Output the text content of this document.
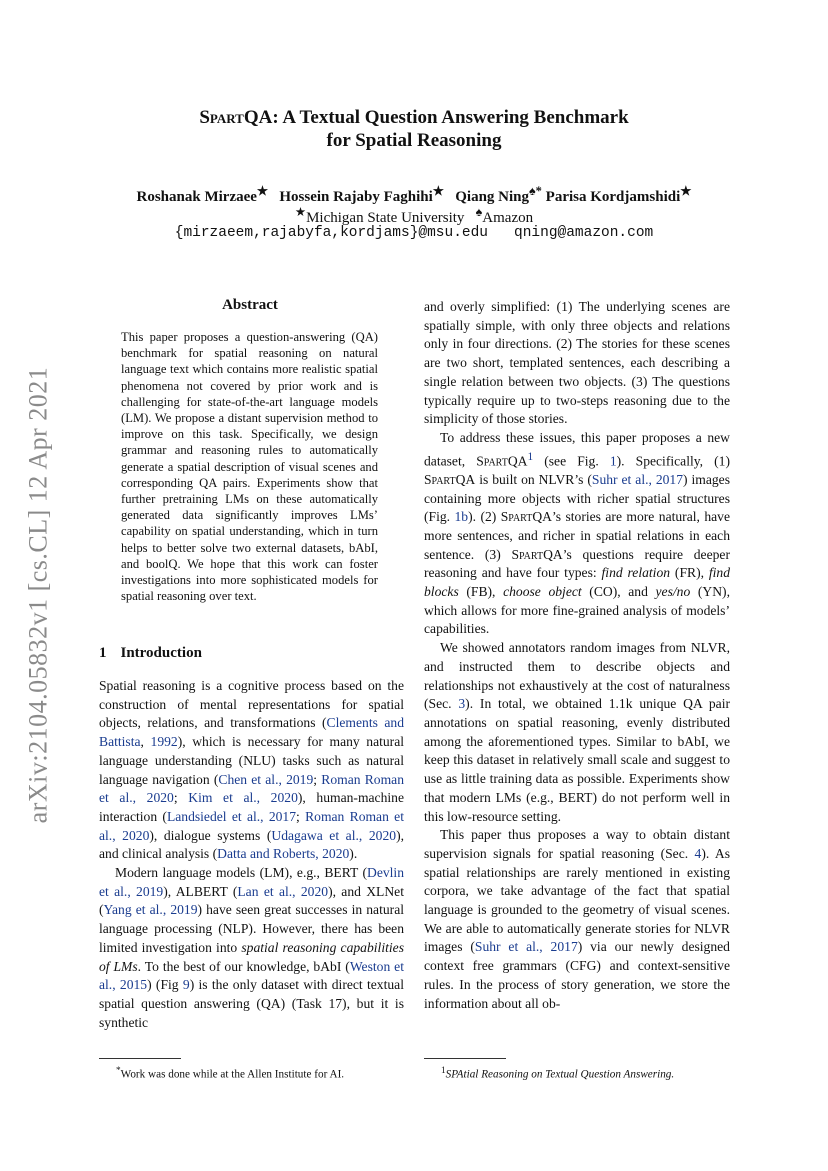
arXiv:2104.05832v1 [cs.CL] 12 Apr 2021
SpartQA: A Textual Question Answering Benchmark
for Spatial Reasoning
Roshanak Mirzaee★ Hossein Rajaby Faghihi★ Qiang Ning♠* Parisa Kordjamshidi★
★Michigan State University ♠Amazon
{mirzaeem,rajabyfa,kordjams}@msu.edu qning@amazon.com
Abstract

This paper proposes a question-answering (QA) benchmark for spatial reasoning on natural language text which contains more realistic spatial phenomena not covered by prior work and is challenging for state-of-the-art language models (LM). We propose a distant supervision method to improve on this task. Specifically, we design grammar and reasoning rules to automatically generate a spatial description of visual scenes and corresponding QA pairs. Experiments show that further pretraining LMs on these automatically generated data significantly improves LMs’ capability on spatial understanding, which in turn helps to better solve two external datasets, bAbI, and boolQ. We hope that this work can foster investigations into more sophisticated models for spatial reasoning over text.

1 Introduction

Spatial reasoning is a cognitive process based on the construction of mental representations for spatial objects, relations, and transformations (Clements and Battista, 1992), which is necessary for many natural language understanding (NLU) tasks such as natural language navigation (Chen et al., 2019; Roman Roman et al., 2020; Kim et al., 2020), human-machine interaction (Landsiedel et al., 2017; Roman Roman et al., 2020), dialogue systems (Udagawa et al., 2020), and clinical analysis (Datta and Roberts, 2020).

Modern language models (LM), e.g., BERT (Devlin et al., 2019), ALBERT (Lan et al., 2020), and XLNet (Yang et al., 2019) have seen great successes in natural language processing (NLP). However, there has been limited investigation into spatial reasoning capabilities of LMs. To the best of our knowledge, bAbI (Weston et al., 2015) (Fig 9) is the only dataset with direct textual spatial question answering (QA) (Task 17), but it is synthetic

and overly simplified: (1) The underlying scenes are spatially simple, with only three objects and relations only in four directions. (2) The stories for these scenes are two short, templated sentences, each describing a single relation between two objects. (3) The questions typically require up to two-steps reasoning due to the simplicity of those stories.

To address these issues, this paper proposes a new dataset, SpartQA$^1$ (see Fig. 1). Specifically, (1) SpartQA is built on NLVR’s (Suhr et al., 2017) images containing more objects with richer spatial structures (Fig. 1b). (2) SpartQA’s stories are more natural, have more sentences, and richer in spatial relations in each sentence. (3) SpartQA’s questions require deeper reasoning and have four types: find relation (FR), find blocks (FB), choose object (CO), and yes/no (YN), which allows for more fine-grained analysis of models’ capabilities.

We showed annotators random images from NLVR, and instructed them to describe objects and relationships not exhaustively at the cost of naturalness (Sec. 3). In total, we obtained 1.1k unique QA pair annotations on spatial reasoning, evenly distributed among the aforementioned types. Similar to bAbI, we keep this dataset in relatively small scale and suggest to use as little training data as possible. Experiments show that modern LMs (e.g., BERT) do not perform well in this low-resource setting.

This paper thus proposes a way to obtain distant supervision signals for spatial reasoning (Sec. 4). As spatial relationships are rarely mentioned in existing corpora, we take advantage of the fact that spatial language is grounded to the geometry of visual scenes. We are able to automatically generate stories for NLVR images (Suhr et al., 2017) via our newly designed context free grammars (CFG) and context-sensitive rules. In the process of story generation, we store the information about all ob-

*Work was done while at the Allen Institute for AI.	$^1$SPAtial Reasoning on Textual Question Answering.
